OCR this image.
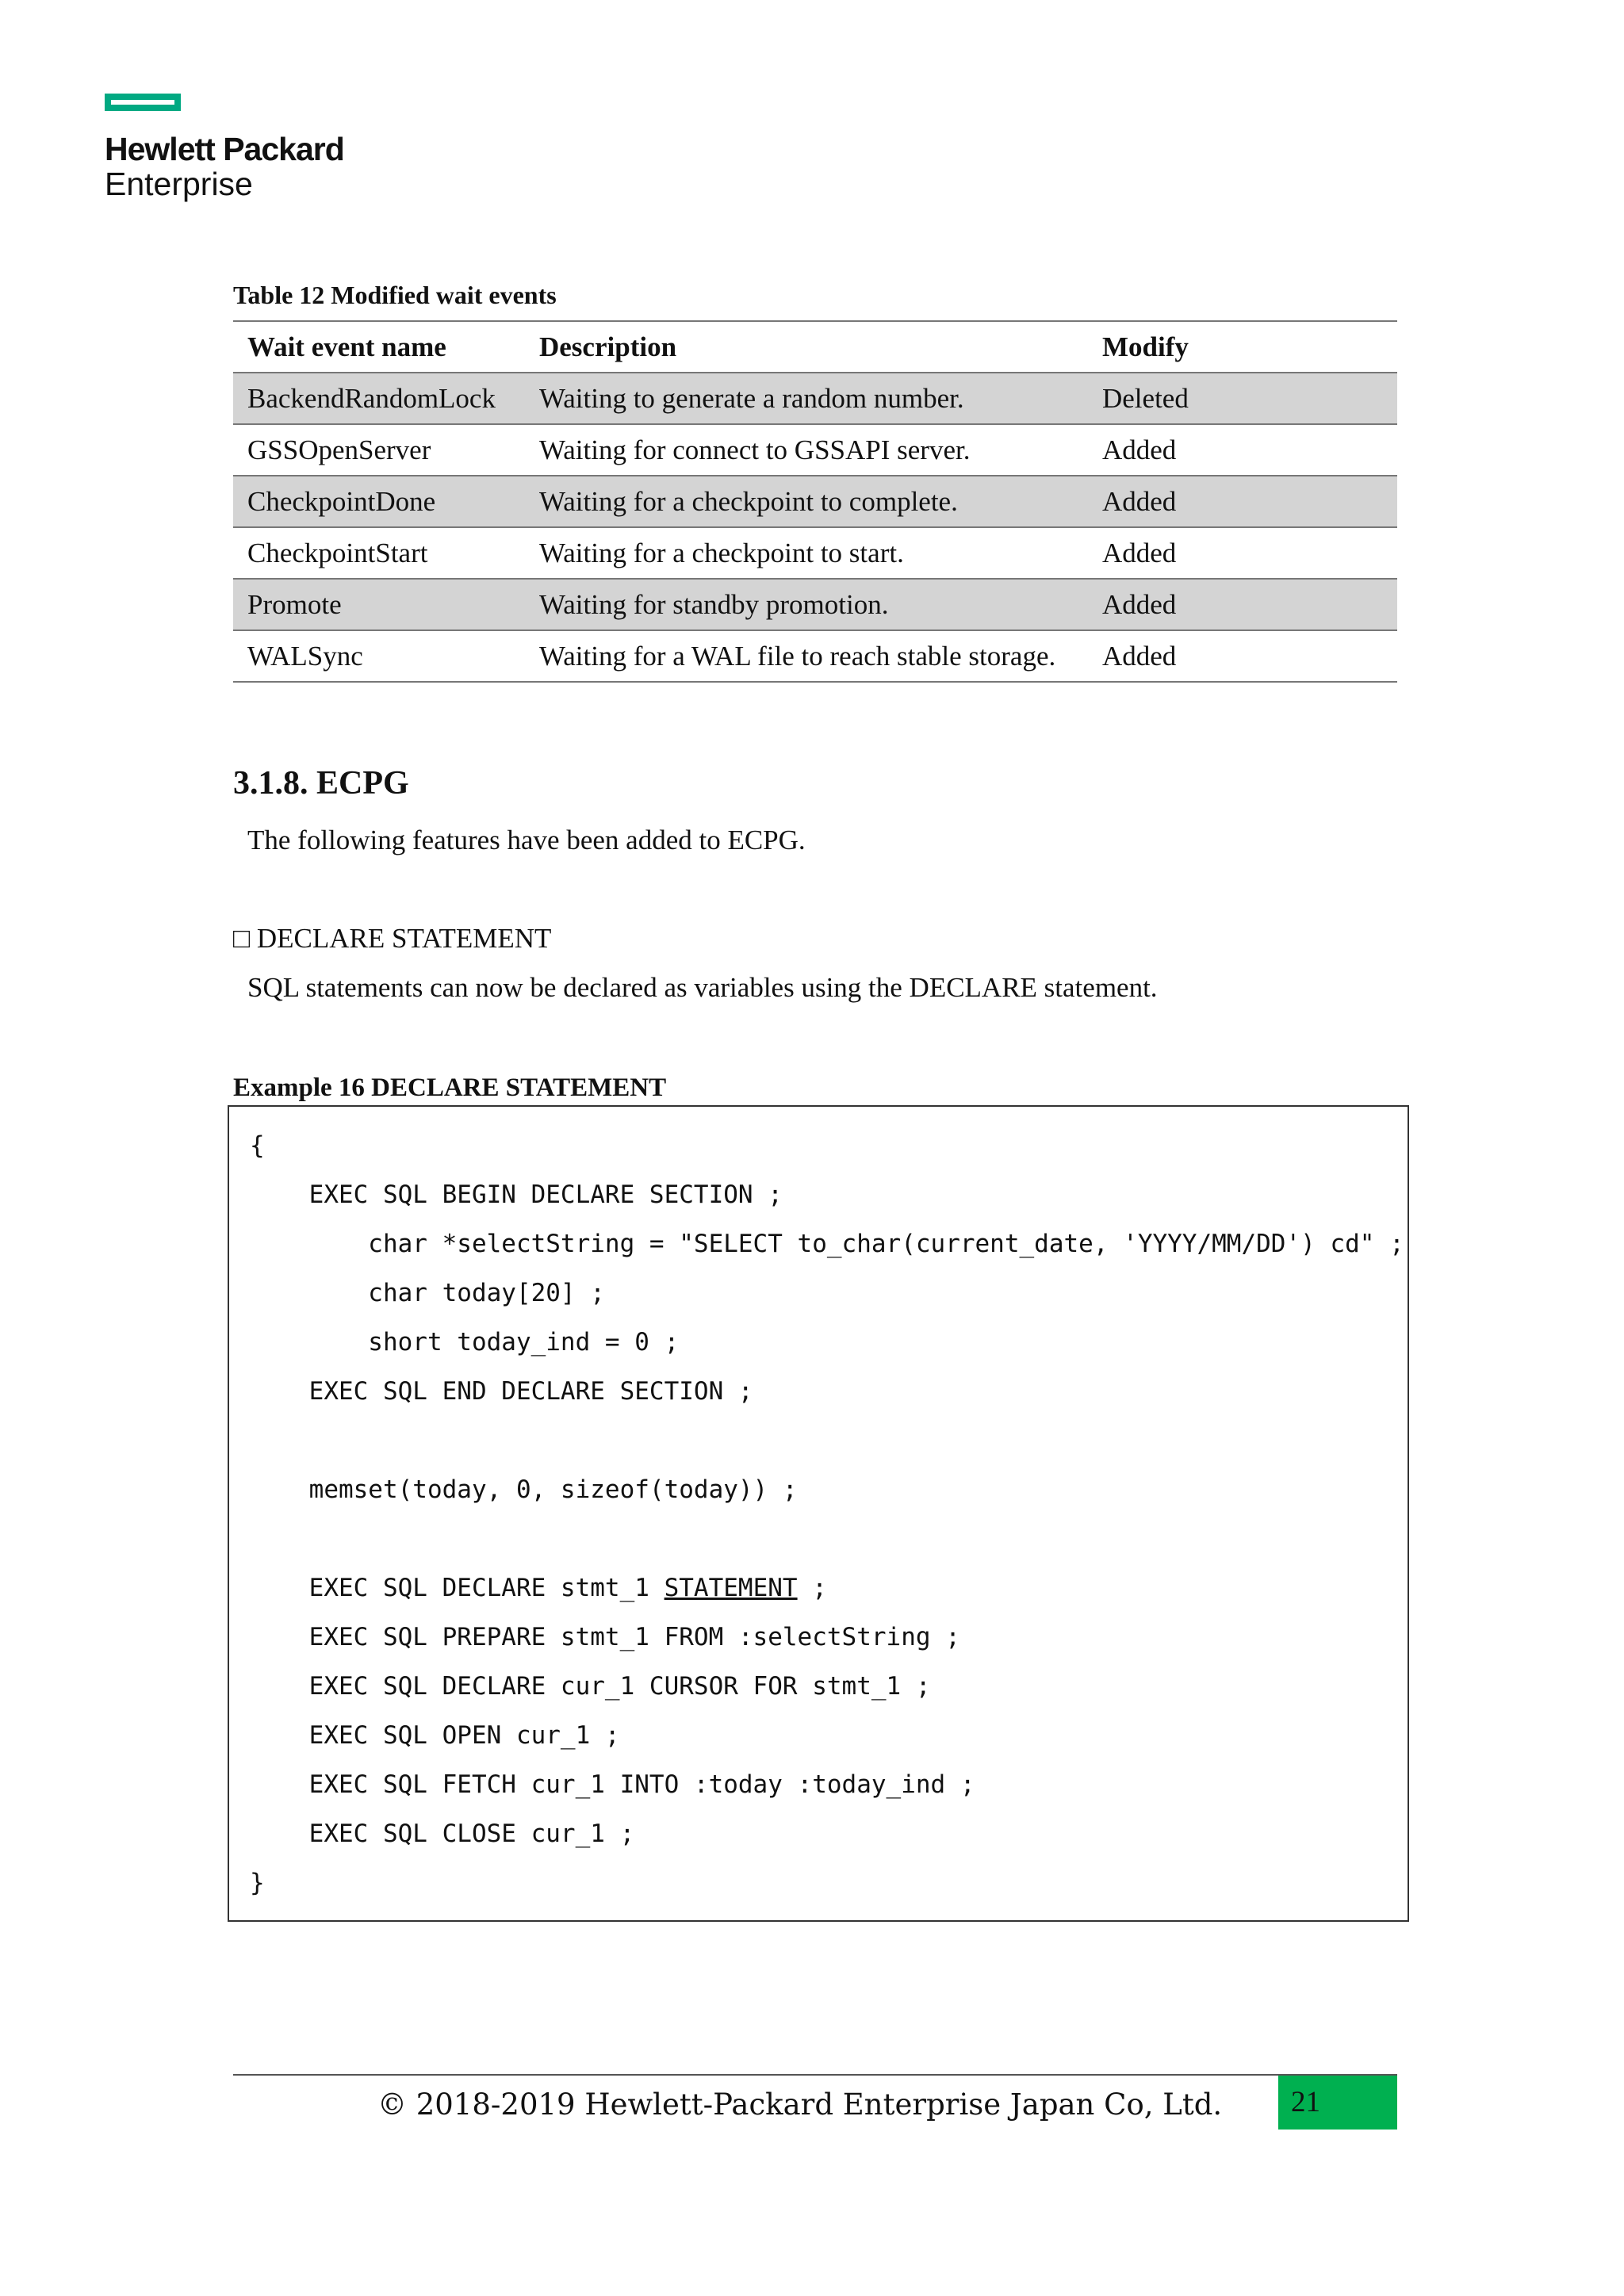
Hewlett Packard
Enterprise
Table 12 Modified wait events
Wait event name	Description	Modify
BackendRandomLock	Waiting to generate a random number.	Deleted
GSSOpenServer	Waiting for connect to GSSAPI server.	Added
CheckpointDone	Waiting for a checkpoint to complete.	Added
CheckpointStart	Waiting for a checkpoint to start.	Added
Promote	Waiting for standby promotion.	Added
WALSync	Waiting for a WAL file to reach stable storage.	Added
3.1.8. ECPG
The following features have been added to ECPG.
□ DECLARE STATEMENT
SQL statements can now be declared as variables using the DECLARE statement.
Example 16 DECLARE STATEMENT
{
EXEC SQL BEGIN DECLARE SECTION ;
char *selectString = "SELECT to_char(current_date, 'YYYY/MM/DD') cd" ;
char today[20] ;
short today_ind = 0 ;
EXEC SQL END DECLARE SECTION ;
memset(today, 0, sizeof(today)) ;
EXEC SQL DECLARE stmt_1 STATEMENT ;
EXEC SQL PREPARE stmt_1 FROM :selectString ;
EXEC SQL DECLARE cur_1 CURSOR FOR stmt_1 ;
EXEC SQL OPEN cur_1 ;
EXEC SQL FETCH cur_1 INTO :today :today_ind ;
EXEC SQL CLOSE cur_1 ;
}
© 2018-2019 Hewlett-Packard Enterprise Japan Co, Ltd. 21
